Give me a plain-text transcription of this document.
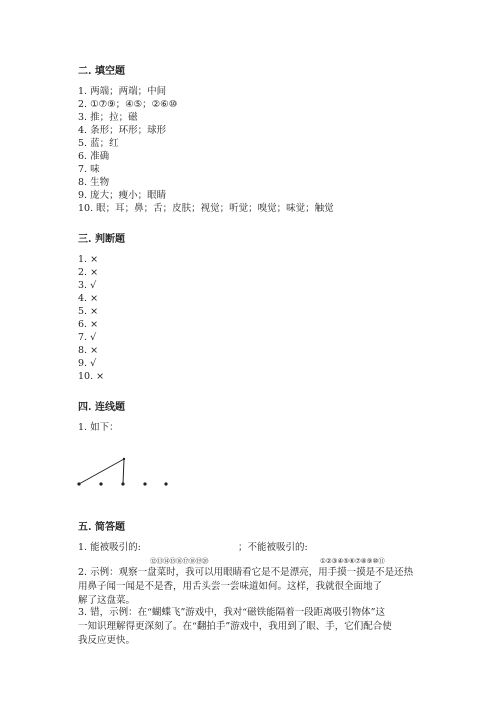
二. 填空题
1. 两端；两端；中间
2. ①⑦⑨；④⑤；②⑥⑩
3. 推；拉；磁
4. 条形；环形；球形
5. 蓝；红
6. 准确
7. 味
8. 生物
9. 庞大；瘦小；眼睛
10. 眼；耳；鼻；舌；皮肤；视觉；听觉；嗅觉；味觉；触觉
三. 判断题
1. ×
2. ×
3. √
4. ×
5. ×
6. ×
7. √
8. ×
9. √
10. ×
四. 连线题
1. 如下：
五. 简答题
1. 能被吸引的:	；不能被吸引的:
⑫⑬⑭⑮⑯⑰⑱⑲⑳	①②③④⑤⑥⑦⑧⑨⑩⑪
2. 示例：观察一盘菜时，我可以用眼睛看它是不是漂亮，用手摸一摸是不是还热
用鼻子闻一闻是不是香，用舌头尝一尝味道如何。这样，我就很全面地了
解了这盘菜。
3. 错，示例：在“蝴蝶飞”游戏中，我对“磁铁能隔着一段距离吸引物体”这
一知识理解得更深刻了。在“翻拍手”游戏中，我用到了眼、手，它们配合使
我反应更快。
